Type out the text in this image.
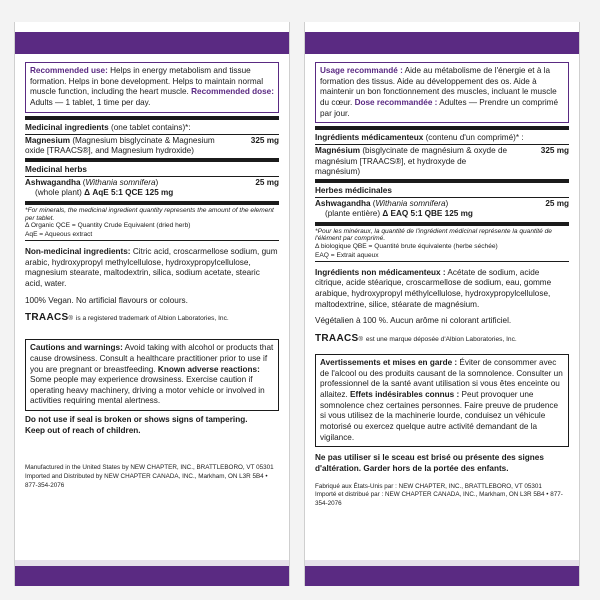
Recommended use: Helps in energy metabolism and tissue formation. Helps in bone development. Helps to maintain normal muscle function, including the heart muscle. Recommended dose: Adults — 1 tablet, 1 time per day.
Medicinal ingredients (one tablet contains)*:
Magnesium (Magnesium bisglycinate & Magnesium oxide [TRAACS®], and Magnesium hydroxide)
325 mg
Medicinal herbs
Ashwagandha (Withania somnifera)
(whole plant) Δ AqE 5:1 QCE 125 mg
25 mg
*For minerals, the medicinal ingredient quantity represents the amount of the element per tablet.
Δ Organic QCE = Quantity Crude Equivalent (dried herb)
AqE = Aqueous extract
Non-medicinal ingredients: Citric acid, croscarmellose sodium, gum arabic, hydroxypropyl methylcellulose, hydroxypropylcellulose, magnesium stearate, maltodextrin, silica, sodium acetate, stearic acid, water.
100% Vegan. No artificial flavours or colours.
TRAACS ® is a registered trademark of Albion Laboratories, Inc.
Cautions and warnings: Avoid taking with alcohol or products that cause drowsiness. Consult a healthcare practitioner prior to use if you are pregnant or breastfeeding. Known adverse reactions: Some people may experience drowsiness. Exercise caution if operating heavy machinery, driving a motor vehicle or involved in activities requiring mental alertness.
Do not use if seal is broken or shows signs of tampering.
Keep out of reach of children.
Manufactured in the United States by NEW CHAPTER, INC., BRATTLEBORO, VT 05301
Imported and Distributed by NEW CHAPTER CANADA, INC., Markham, ON L3R 5B4 • 877-354-2076
Usage recommandé : Aide au métabolisme de l'énergie et à la formation des tissus. Aide au développement des os. Aide à maintenir un bon fonctionnement des muscles, incluant le muscle du cœur. Dose recommandée : Adultes — Prendre un comprimé par jour.
Ingrédients médicamenteux (contenu d'un comprimé)* :
Magnésium (bisglycinate de magnésium & oxyde de magnésium [TRAACS®], et hydroxyde de magnésium)
325 mg
Herbes médicinales
Ashwagandha (Withania somnifera)
(plante entière) Δ EAQ 5:1 QBE 125 mg
25 mg
*Pour les minéraux, la quantité de l'ingrédient médicinal représente la quantité de l'élément par comprimé.
Δ biologique QBE = Quantité brute équivalente (herbe séchée)
EAQ = Extrait aqueux
Ingrédients non médicamenteux : Acétate de sodium, acide citrique, acide stéarique, croscarmellose de sodium, eau, gomme arabique, hydroxypropyl méthylcellulose, hydroxypropylcellulose, maltodextrine, silice, stéarate de magnésium.
Végétalien à 100 %. Aucun arôme ni colorant artificiel.
TRAACS ® est une marque déposée d'Albion Laboratories, Inc.
Avertissements et mises en garde : Éviter de consommer avec de l'alcool ou des produits causant de la somnolence. Consulter un professionnel de la santé avant utilisation si vous êtes enceinte ou allaitez. Effets indésirables connus : Peut provoquer une somnolence chez certaines personnes. Faire preuve de prudence si vous utilisez de la machinerie lourde, conduisez un véhicule motorisé ou exercez quelque autre activité demandant de la vigilance.
Ne pas utiliser si le sceau est brisé ou présente des signes d'altération. Garder hors de la portée des enfants.
Fabriqué aux États-Unis par : NEW CHAPTER, INC., BRATTLEBORO, VT 05301
Importé et distribué par : NEW CHAPTER CANADA, INC., Markham, ON L3R 5B4 • 877-354-2076
